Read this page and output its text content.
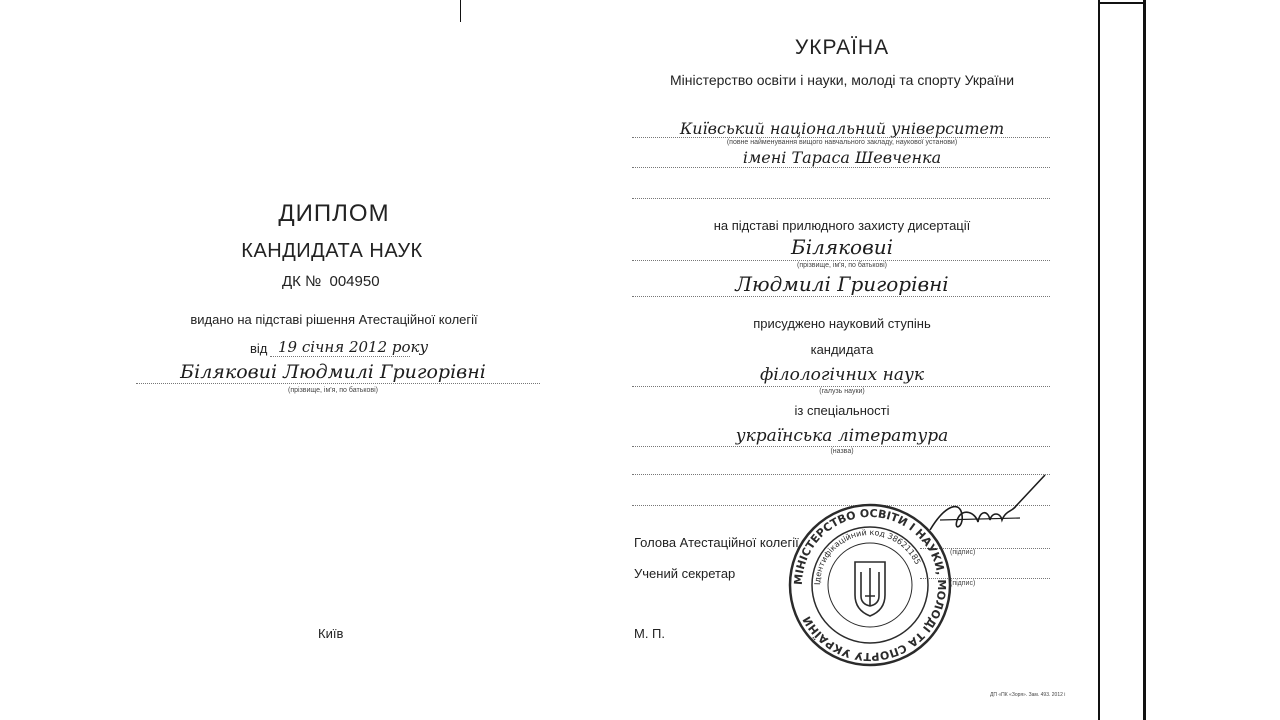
ДИПЛОМ
КАНДИДАТА НАУК
ДК № 004950
видано на підставі рішення Атестаційної колегії
від 19 січня 2012 року
Біляковиі Людмилі Григорівні
(прізвище, ім'я, по батькові)
Київ
УКРАЇНА
Міністерство освіти і науки, молоді та спорту України
Київський національний університет
(повне найменування вищого навчального закладу, наукової установи)
імені Тараса Шевченка
на підставі прилюдного захисту дисертації
Біляковиі
(прізвище, ім'я, по батькові)
Людмилі Григорівні
присуджено науковий ступінь
кандидата
філологічних наук
(галузь науки)
із спеціальності
українська література
(назва)
Голова Атестаційної колегії
(підпис)
Учений секретар
(підпис)
М. П.
ДП «ПК «Зоря». Зам. 493. 2012 і
МІНІСТЕРСТВО ОСВІТИ І НАУКИ, МОЛОДІ ТА СПОРТУ УКРАЇНИ
Ідентифікаційний код 38621185
